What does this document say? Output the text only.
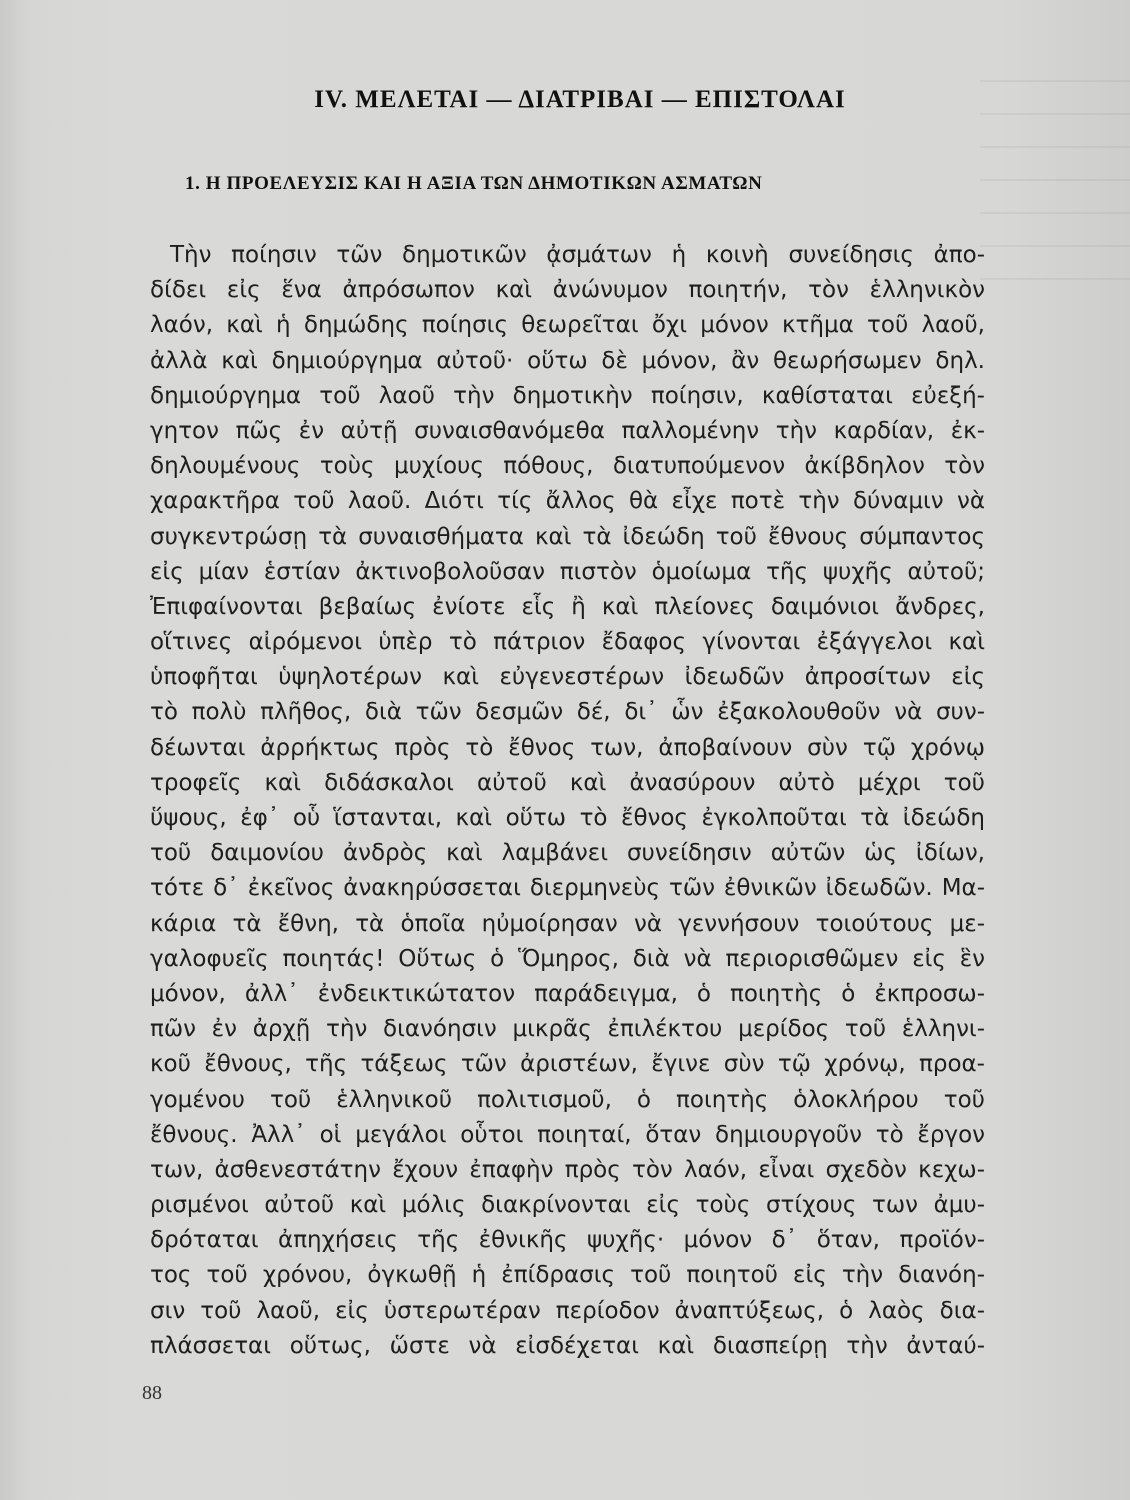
IV. ΜΕΛΕΤΑΙ — ΔΙΑΤΡΙΒΑΙ — ΕΠΙΣΤΟΛΑΙ
1. Η ΠΡΟΕΛΕΥΣΙΣ ΚΑΙ Η ΑΞΙΑ ΤΩΝ ΔΗΜΟΤΙΚΩΝ ΑΣΜΑΤΩΝ
Τὴν ποίησιν τῶν δημοτικῶν ᾀσμάτων ἡ κοινὴ συνείδησις ἀπο-
δίδει εἰς ἕνα ἀπρόσωπον καὶ ἀνώνυμον ποιητήν, τὸν ἑλληνικὸν
λαόν, καὶ ἡ δημώδης ποίησις θεωρεῖται ὄχι μόνον κτῆμα τοῦ λαοῦ,
ἀλλὰ καὶ δημιούργημα αὐτοῦ· οὕτω δὲ μόνον, ἂν θεωρήσωμεν δηλ.
δημιούργημα τοῦ λαοῦ τὴν δημοτικὴν ποίησιν, καθίσταται εὐεξή-
γητον πῶς ἐν αὐτῇ συναισθανόμεθα παλλομένην τὴν καρδίαν, ἐκ-
δηλουμένους τοὺς μυχίους πόθους, διατυπούμενον ἀκίβδηλον τὸν
χαρακτῆρα τοῦ λαοῦ. Διότι τίς ἄλλος θὰ εἶχε ποτὲ τὴν δύναμιν νὰ
συγκεντρώσῃ τὰ συναισθήματα καὶ τὰ ἰδεώδη τοῦ ἔθνους σύμπαντος
εἰς μίαν ἑστίαν ἀκτινοβολοῦσαν πιστὸν ὁμοίωμα τῆς ψυχῆς αὐτοῦ;
Ἐπιφαίνονται βεβαίως ἐνίοτε εἷς ἢ καὶ πλείονες δαιμόνιοι ἄνδρες,
οἵτινες αἰρόμενοι ὑπὲρ τὸ πάτριον ἔδαφος γίνονται ἐξάγγελοι καὶ
ὑποφῆται ὑψηλοτέρων καὶ εὐγενεστέρων ἰδεωδῶν ἀπροσίτων εἰς
τὸ πολὺ πλῆθος, διὰ τῶν δεσμῶν δέ, δι᾽ ὧν ἐξακολουθοῦν νὰ συν-
δέωνται ἀρρήκτως πρὸς τὸ ἔθνος των, ἀποβαίνουν σὺν τῷ χρόνῳ
τροφεῖς καὶ διδάσκαλοι αὐτοῦ καὶ ἀνασύρουν αὐτὸ μέχρι τοῦ
ὕψους, ἐφ᾽ οὗ ἵστανται, καὶ οὕτω τὸ ἔθνος ἐγκολποῦται τὰ ἰδεώδη
τοῦ δαιμονίου ἀνδρὸς καὶ λαμβάνει συνείδησιν αὐτῶν ὡς ἰδίων,
τότε δ᾽ ἐκεῖνος ἀνακηρύσσεται διερμηνεὺς τῶν ἐθνικῶν ἰδεωδῶν. Μα-
κάρια τὰ ἔθνη, τὰ ὁποῖα ηὐμοίρησαν νὰ γεννήσουν τοιούτους με-
γαλοφυεῖς ποιητάς! Οὕτως ὁ Ὅμηρος, διὰ νὰ περιορισθῶμεν εἰς ἓν
μόνον, ἀλλ᾽ ἐνδεικτικώτατον παράδειγμα, ὁ ποιητὴς ὁ ἐκπροσω-
πῶν ἐν ἀρχῇ τὴν διανόησιν μικρᾶς ἐπιλέκτου μερίδος τοῦ ἑλληνι-
κοῦ ἔθνους, τῆς τάξεως τῶν ἀριστέων, ἔγινε σὺν τῷ χρόνῳ, προα-
γομένου τοῦ ἑλληνικοῦ πολιτισμοῦ, ὁ ποιητὴς ὁλοκλήρου τοῦ
ἔθνους. Ἀλλ᾽ οἱ μεγάλοι οὗτοι ποιηταί, ὅταν δημιουργοῦν τὸ ἔργον
των, ἀσθενεστάτην ἔχουν ἐπαφὴν πρὸς τὸν λαόν, εἶναι σχεδὸν κεχω-
ρισμένοι αὐτοῦ καὶ μόλις διακρίνονται εἰς τοὺς στίχους των ἀμυ-
δρόταται ἀπηχήσεις τῆς ἐθνικῆς ψυχῆς· μόνον δ᾽ ὅταν, προϊόν-
τος τοῦ χρόνου, ὀγκωθῇ ἡ ἐπίδρασις τοῦ ποιητοῦ εἰς τὴν διανόη-
σιν τοῦ λαοῦ, εἰς ὑστερωτέραν περίοδον ἀναπτύξεως, ὁ λαὸς δια-
πλάσσεται οὕτως, ὥστε νὰ εἰσδέχεται καὶ διασπείρῃ τὴν ἀνταύ-

88
